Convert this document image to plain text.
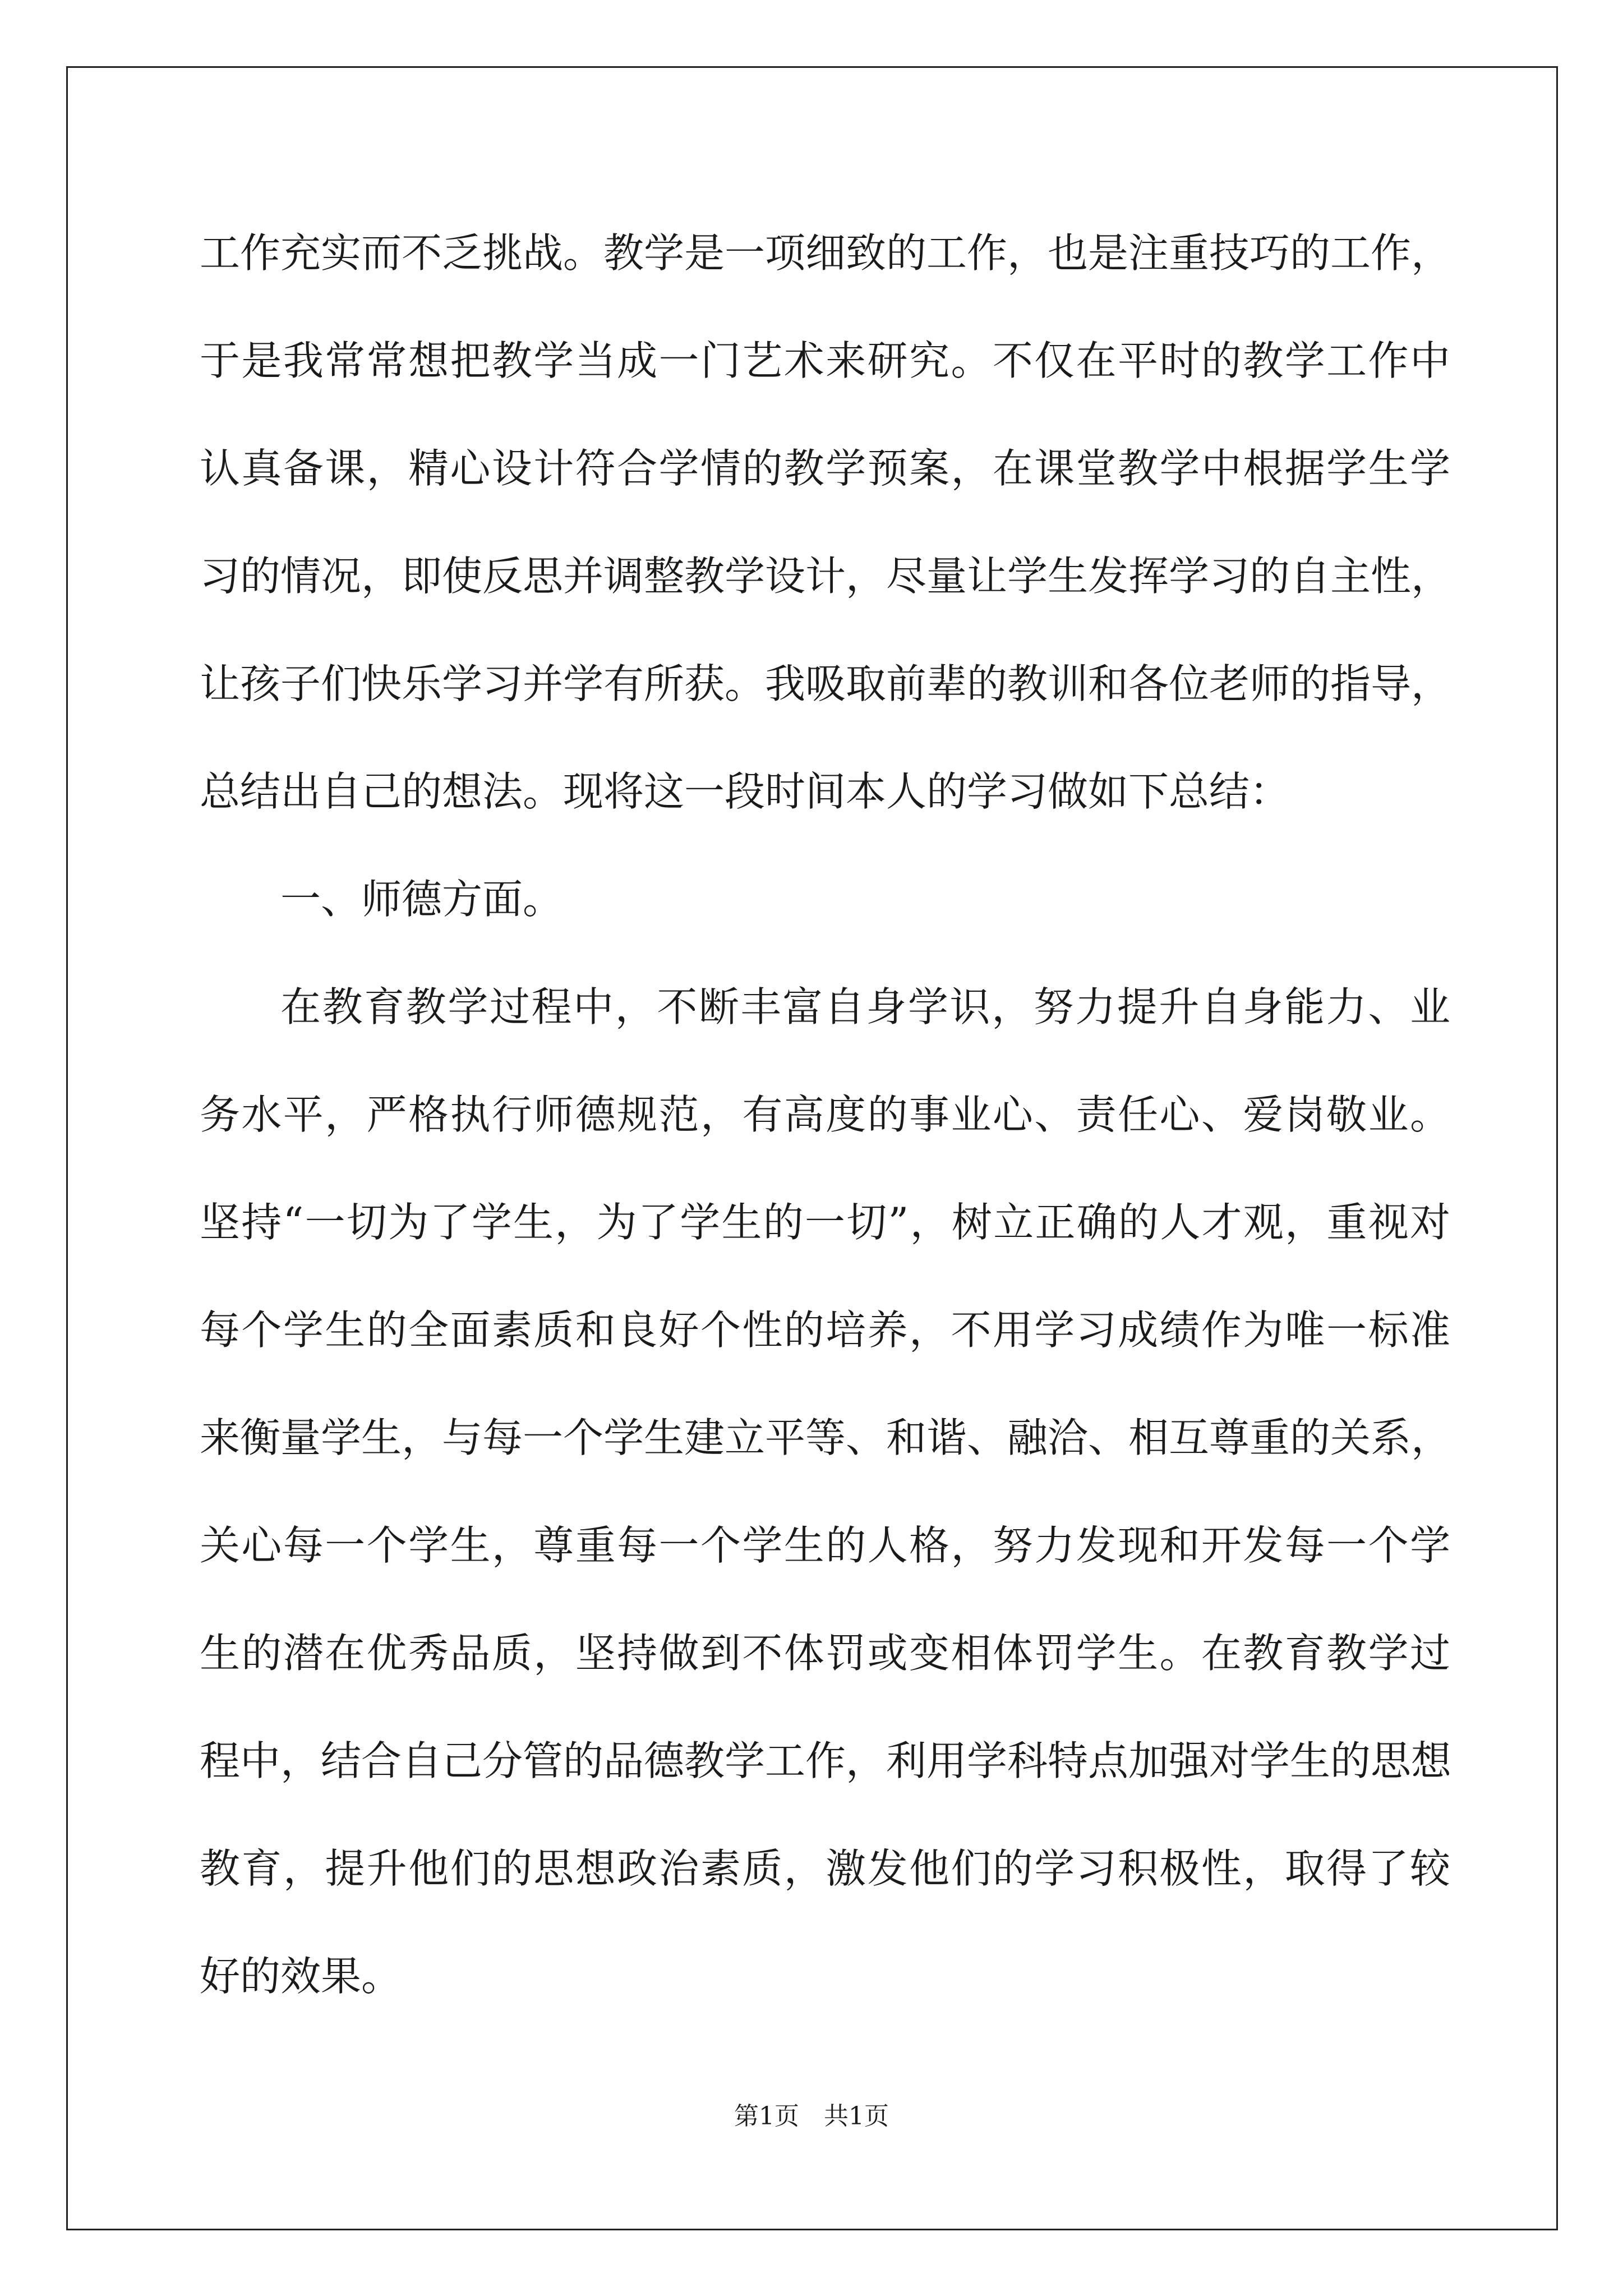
工作充实而不乏挑战。教学是一项细致的工作，也是注重技巧的工作，
于是我常常想把教学当成一门艺术来研究。不仅在平时的教学工作中
认真备课，精心设计符合学情的教学预案，在课堂教学中根据学生学
习的情况，即使反思并调整教学设计，尽量让学生发挥学习的自主性，
让孩子们快乐学习并学有所获。我吸取前辈的教训和各位老师的指导，
总结出自己的想法。现将这一段时间本人的学习做如下总结：
一、师德方面。
在教育教学过程中，不断丰富自身学识，努力提升自身能力、业
务水平，严格执行师德规范，有高度的事业心、责任心、爱岗敬业。
坚持“一切为了学生，为了学生的一切”，树立正确的人才观，重视对
每个学生的全面素质和良好个性的培养，不用学习成绩作为唯一标准
来衡量学生，与每一个学生建立平等、和谐、融洽、相互尊重的关系，
关心每一个学生，尊重每一个学生的人格，努力发现和开发每一个学
生的潜在优秀品质，坚持做到不体罚或变相体罚学生。在教育教学过
程中，结合自己分管的品德教学工作，利用学科特点加强对学生的思想
教育，提升他们的思想政治素质，激发他们的学习积极性，取得了较
好的效果。
第1页 共1页
